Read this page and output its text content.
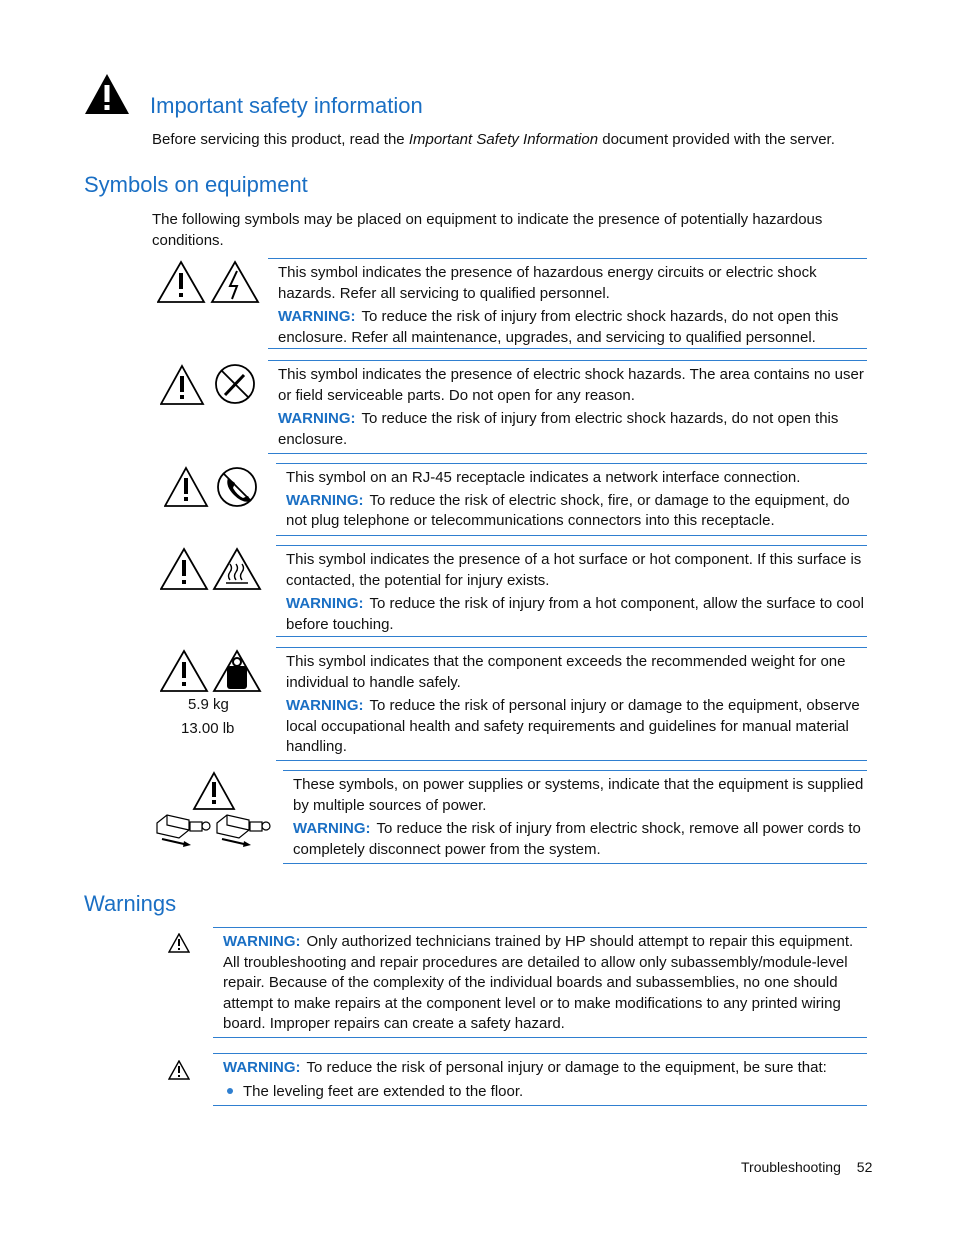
Important safety information
Before servicing this product, read the Important Safety Information document provided with the server.
Symbols on equipment
The following symbols may be placed on equipment to indicate the presence of potentially hazardous conditions.

This symbol indicates the presence of hazardous energy circuits or electric shock hazards. Refer all servicing to qualified personnel.

WARNING: To reduce the risk of injury from electric shock hazards, do not open this enclosure. Refer all maintenance, upgrades, and servicing to qualified personnel.

This symbol indicates the presence of electric shock hazards. The area contains no user or field serviceable parts. Do not open for any reason.

WARNING: To reduce the risk of injury from electric shock hazards, do not open this enclosure.

This symbol on an RJ-45 receptacle indicates a network interface connection.

WARNING: To reduce the risk of electric shock, fire, or damage to the equipment, do not plug telephone or telecommunications connectors into this receptacle.

This symbol indicates the presence of a hot surface or hot component. If this surface is contacted, the potential for injury exists.

WARNING: To reduce the risk of injury from a hot component, allow the surface to cool before touching.

5.9 kg
13.00 lb

This symbol indicates that the component exceeds the recommended weight for one individual to handle safely.

WARNING: To reduce the risk of personal injury or damage to the equipment, observe local occupational health and safety requirements and guidelines for manual material handling.

These symbols, on power supplies or systems, indicate that the equipment is supplied by multiple sources of power.

WARNING: To reduce the risk of injury from electric shock, remove all power cords to completely disconnect power from the system.

Warnings

WARNING: Only authorized technicians trained by HP should attempt to repair this equipment. All troubleshooting and repair procedures are detailed to allow only subassembly/module-level repair. Because of the complexity of the individual boards and subassemblies, no one should attempt to make repairs at the component level or to make modifications to any printed wiring board. Improper repairs can create a safety hazard.

WARNING: To reduce the risk of personal injury or damage to the equipment, be sure that:

The leveling feet are extended to the floor.

Troubleshooting 52
